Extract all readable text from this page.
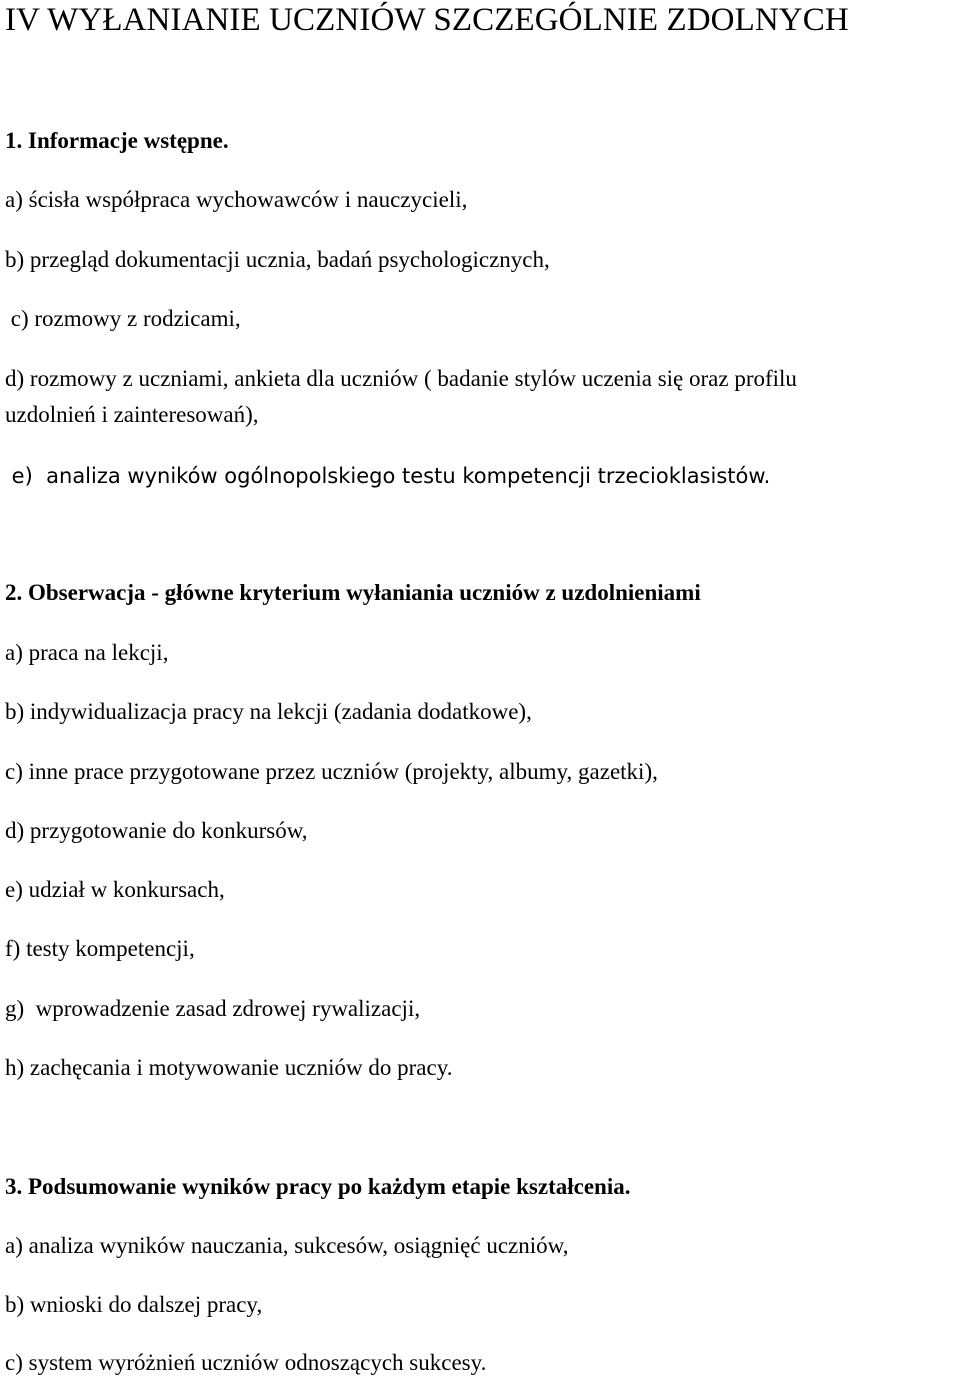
IV WYŁANIANIE UCZNIÓW SZCZEGÓLNIE ZDOLNYCH

1. Informacje wstępne.

a) ścisła współpraca wychowawców i nauczycieli,

b) przegląd dokumentacji ucznia, badań psychologicznych,

c) rozmowy z rodzicami,

d) rozmowy z uczniami, ankieta dla uczniów ( badanie stylów uczenia się oraz profilu

uzdolnień i zainteresowań),

e)  analiza wyników ogólnopolskiego testu kompetencji trzecioklasistów.

2. Obserwacja - główne kryterium wyłaniania uczniów z uzdolnieniami

a) praca na lekcji,

b) indywidualizacja pracy na lekcji (zadania dodatkowe),

c) inne prace przygotowane przez uczniów (projekty, albumy, gazetki),

d) przygotowanie do konkursów,

e) udział w konkursach,

f) testy kompetencji,

g)  wprowadzenie zasad zdrowej rywalizacji,

h) zachęcania i motywowanie uczniów do pracy.

3. Podsumowanie wyników pracy po każdym etapie kształcenia.

a) analiza wyników nauczania, sukcesów, osiągnięć uczniów,

b) wnioski do dalszej pracy,

c) system wyróżnień uczniów odnoszących sukcesy.
